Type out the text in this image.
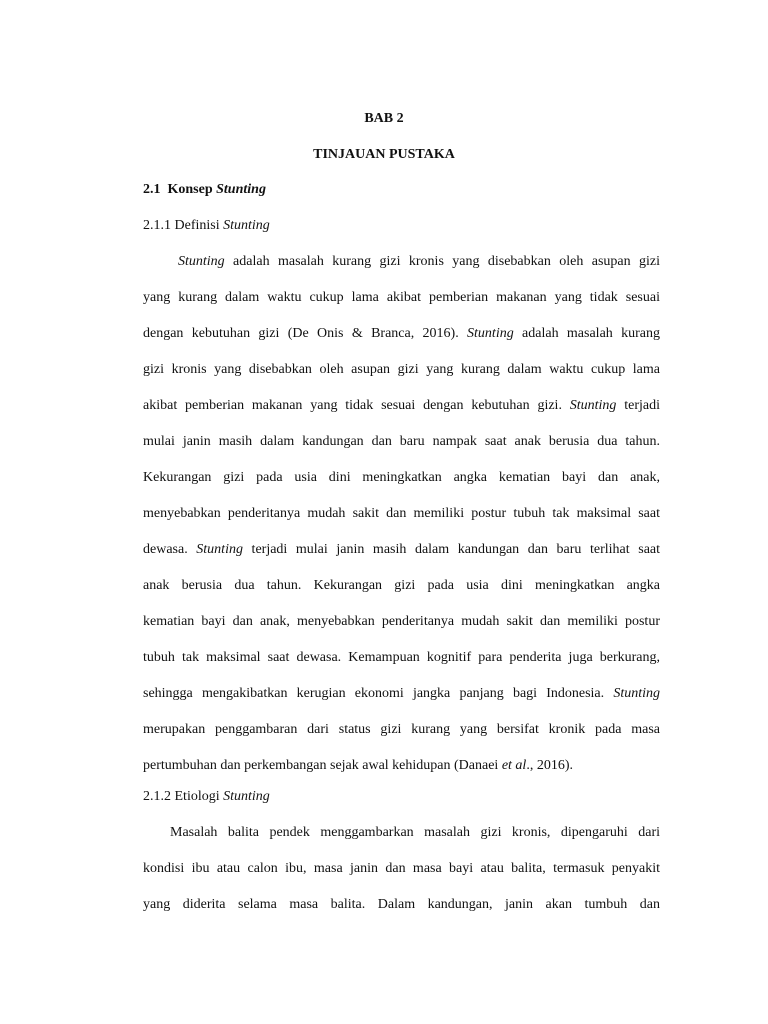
BAB 2
TINJAUAN PUSTAKA
2.1 Konsep Stunting
2.1.1 Definisi Stunting
Stunting adalah masalah kurang gizi kronis yang disebabkan oleh asupan gizi
yang kurang dalam waktu cukup lama akibat pemberian makanan yang tidak sesuai
dengan kebutuhan gizi (De Onis & Branca, 2016). Stunting adalah masalah kurang
gizi kronis yang disebabkan oleh asupan gizi yang kurang dalam waktu cukup lama
akibat pemberian makanan yang tidak sesuai dengan kebutuhan gizi. Stunting terjadi
mulai janin masih dalam kandungan dan baru nampak saat anak berusia dua tahun.
Kekurangan gizi pada usia dini meningkatkan angka kematian bayi dan anak,
menyebabkan penderitanya mudah sakit dan memiliki postur tubuh tak maksimal saat
dewasa. Stunting terjadi mulai janin masih dalam kandungan dan baru terlihat saat
anak berusia dua tahun. Kekurangan gizi pada usia dini meningkatkan angka
kematian bayi dan anak, menyebabkan penderitanya mudah sakit dan memiliki postur
tubuh tak maksimal saat dewasa. Kemampuan kognitif para penderita juga berkurang,
sehingga mengakibatkan kerugian ekonomi jangka panjang bagi Indonesia. Stunting
merupakan penggambaran dari status gizi kurang yang bersifat kronik pada masa
pertumbuhan dan perkembangan sejak awal kehidupan (Danaei et al., 2016).
2.1.2 Etiologi Stunting
Masalah balita pendek menggambarkan masalah gizi kronis, dipengaruhi dari
kondisi ibu atau calon ibu, masa janin dan masa bayi atau balita, termasuk penyakit
yang diderita selama masa balita. Dalam kandungan, janin akan tumbuh dan
